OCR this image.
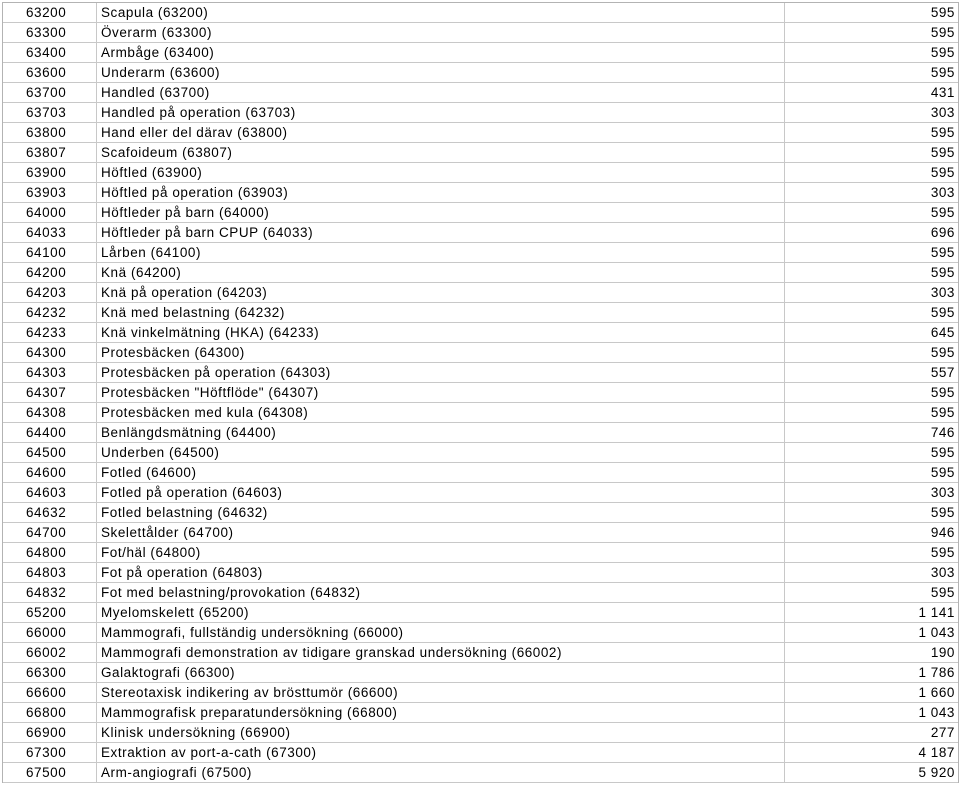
63200	Scapula (63200)	595
63300	Överarm (63300)	595
63400	Armbåge (63400)	595
63600	Underarm (63600)	595
63700	Handled (63700)	431
63703	Handled på operation (63703)	303
63800	Hand eller del därav (63800)	595
63807	Scafoideum (63807)	595
63900	Höftled (63900)	595
63903	Höftled på operation (63903)	303
64000	Höftleder på barn (64000)	595
64033	Höftleder på barn CPUP (64033)	696
64100	Lårben (64100)	595
64200	Knä (64200)	595
64203	Knä på operation (64203)	303
64232	Knä med belastning (64232)	595
64233	Knä vinkelmätning (HKA) (64233)	645
64300	Protesbäcken (64300)	595
64303	Protesbäcken på operation (64303)	557
64307	Protesbäcken "Höftflöde" (64307)	595
64308	Protesbäcken med kula (64308)	595
64400	Benlängdsmätning (64400)	746
64500	Underben (64500)	595
64600	Fotled (64600)	595
64603	Fotled på operation (64603)	303
64632	Fotled belastning (64632)	595
64700	Skelettålder (64700)	946
64800	Fot/häl (64800)	595
64803	Fot på operation (64803)	303
64832	Fot med belastning/provokation (64832)	595
65200	Myelomskelett (65200)	1 141
66000	Mammografi, fullständig undersökning (66000)	1 043
66002	Mammografi demonstration av tidigare granskad undersökning (66002)	190
66300	Galaktografi (66300)	1 786
66600	Stereotaxisk indikering av brösttumör (66600)	1 660
66800	Mammografisk preparatundersökning (66800)	1 043
66900	Klinisk undersökning (66900)	277
67300	Extraktion av port-a-cath (67300)	4 187
67500	Arm-angiografi (67500)	5 920
